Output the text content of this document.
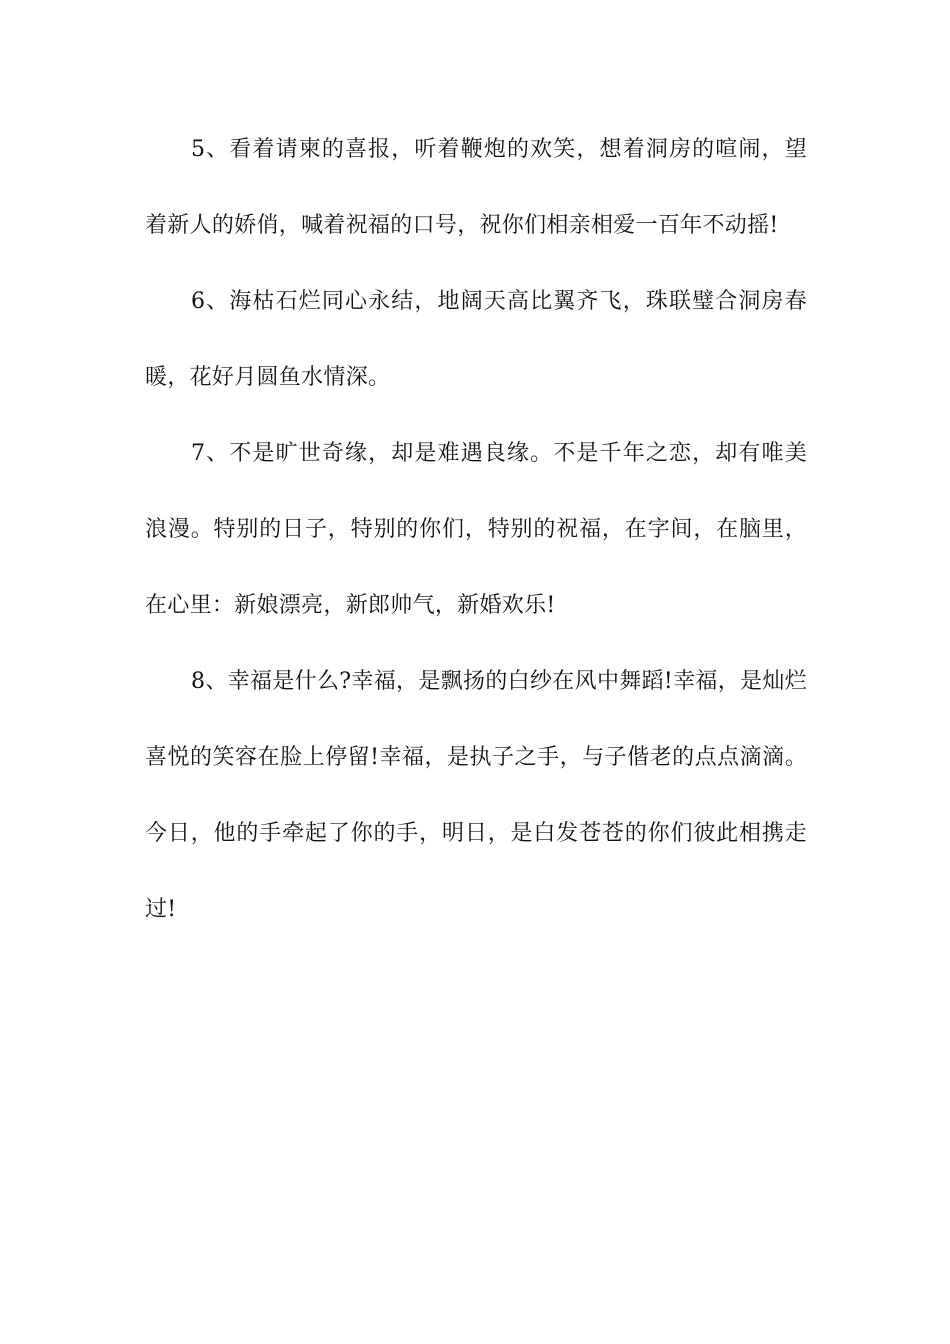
5、看着请柬的喜报，听着鞭炮的欢笑，想着洞房的喧闹，望着新人的娇俏，喊着祝福的口号，祝你们相亲相爱一百年不动摇!

6、海枯石烂同心永结，地阔天高比翼齐飞，珠联璧合洞房春暖，花好月圆鱼水情深。

7、不是旷世奇缘，却是难遇良缘。不是千年之恋，却有唯美浪漫。特别的日子，特别的你们，特别的祝福，在字间，在脑里，在心里：新娘漂亮，新郎帅气，新婚欢乐!

8、幸福是什么?幸福，是飘扬的白纱在风中舞蹈!幸福，是灿烂喜悦的笑容在脸上停留!幸福，是执子之手，与子偕老的点点滴滴。今日，他的手牵起了你的手，明日，是白发苍苍的你们彼此相携走过!
